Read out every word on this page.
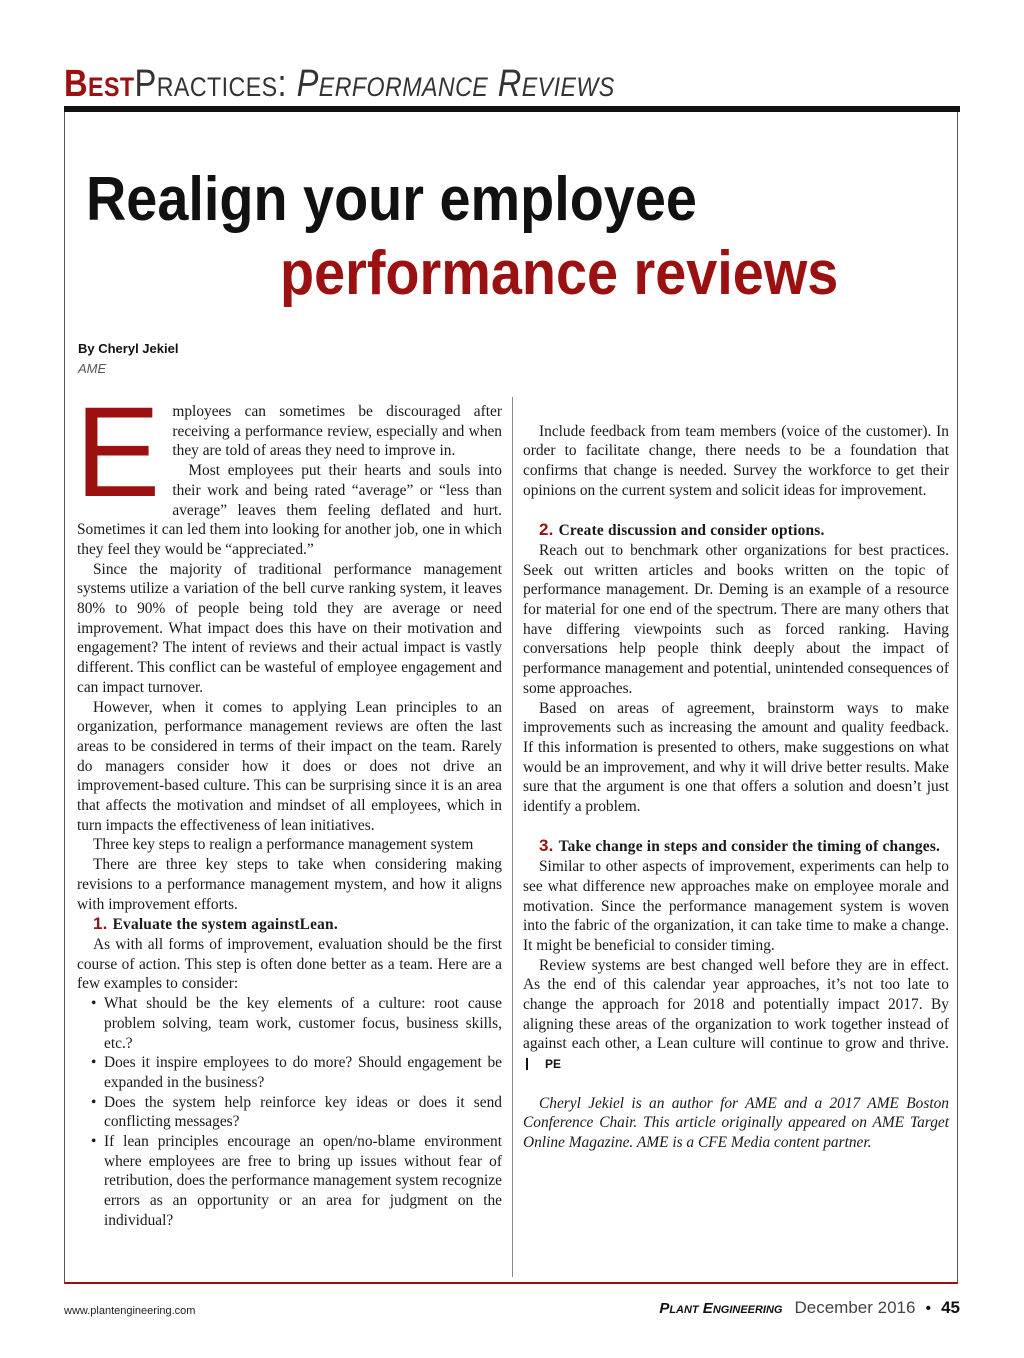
BestPractices: Performance Reviews
Realign your employee
performance reviews
By Cheryl Jekiel
AME

Employees can sometimes be discouraged after receiving a performance review, especially and when they are told of areas they need to improve in.

Most employees put their hearts and souls into their work and being rated “average” or “less than average” leaves them feeling deflated and hurt. Sometimes it can led them into looking for another job, one in which they feel they would be “appreciated.”

Since the majority of traditional performance management systems utilize a variation of the bell curve ranking system, it leaves 80% to 90% of people being told they are average or need improvement. What impact does this have on their motivation and engagement? The intent of reviews and their actual impact is vastly different. This conflict can be wasteful of employee engagement and can impact turnover.

However, when it comes to applying Lean principles to an organization, performance management reviews are often the last areas to be considered in terms of their impact on the team. Rarely do managers consider how it does or does not drive an improvement-based culture. This can be surprising since it is an area that affects the motivation and mindset of all employees, which in turn impacts the effectiveness of lean initiatives.

Three key steps to realign a performance management system

There are three key steps to take when considering making revisions to a performance management mystem, and how it aligns with improvement efforts.

1. Evaluate the system againstLean.

As with all forms of improvement, evaluation should be the first course of action. This step is often done better as a team. Here are a few examples to consider:

• What should be the key elements of a culture: root cause problem solving, team work, customer focus, business skills, etc.?
• Does it inspire employees to do more? Should engagement be expanded in the business?
• Does the system help reinforce key ideas or does it send conflicting messages?
• If lean principles encourage an open/no-blame environment where employees are free to bring up issues without fear of retribution, does the performance management system recognize errors as an opportunity or an area for judgment on the individual?

Include feedback from team members (voice of the customer). In order to facilitate change, there needs to be a foundation that confirms that change is needed. Survey the workforce to get their opinions on the current system and solicit ideas for improvement.

2. Create discussion and consider options.

Reach out to benchmark other organizations for best practices. Seek out written articles and books written on the topic of performance management. Dr. Deming is an example of a resource for material for one end of the spectrum. There are many others that have differing viewpoints such as forced ranking. Having conversations help people think deeply about the impact of performance management and potential, unintended consequences of some approaches.

Based on areas of agreement, brainstorm ways to make improvements such as increasing the amount and quality feedback. If this information is presented to others, make suggestions on what would be an improvement, and why it will drive better results. Make sure that the argument is one that offers a solution and doesn’t just identify a problem.

3. Take change in steps and consider the timing of changes.

Similar to other aspects of improvement, experiments can help to see what difference new approaches make on employee morale and motivation. Since the performance management system is woven into the fabric of the organization, it can take time to make a change. It might be beneficial to consider timing.

Review systems are best changed well before they are in effect. As the end of this calendar year approaches, it’s not too late to change the approach for 2018 and potentially impact 2017. By aligning these areas of the organization to work together instead of against each other, a Lean culture will continue to grow and thrive.PE

Cheryl Jekiel is an author for AME and a 2017 AME Boston Conference Chair. This article originally appeared on AME Target Online Magazine. AME is a CFE Media content partner.

www.plantengineering.com	Plant Engineering December 2016 • 45
